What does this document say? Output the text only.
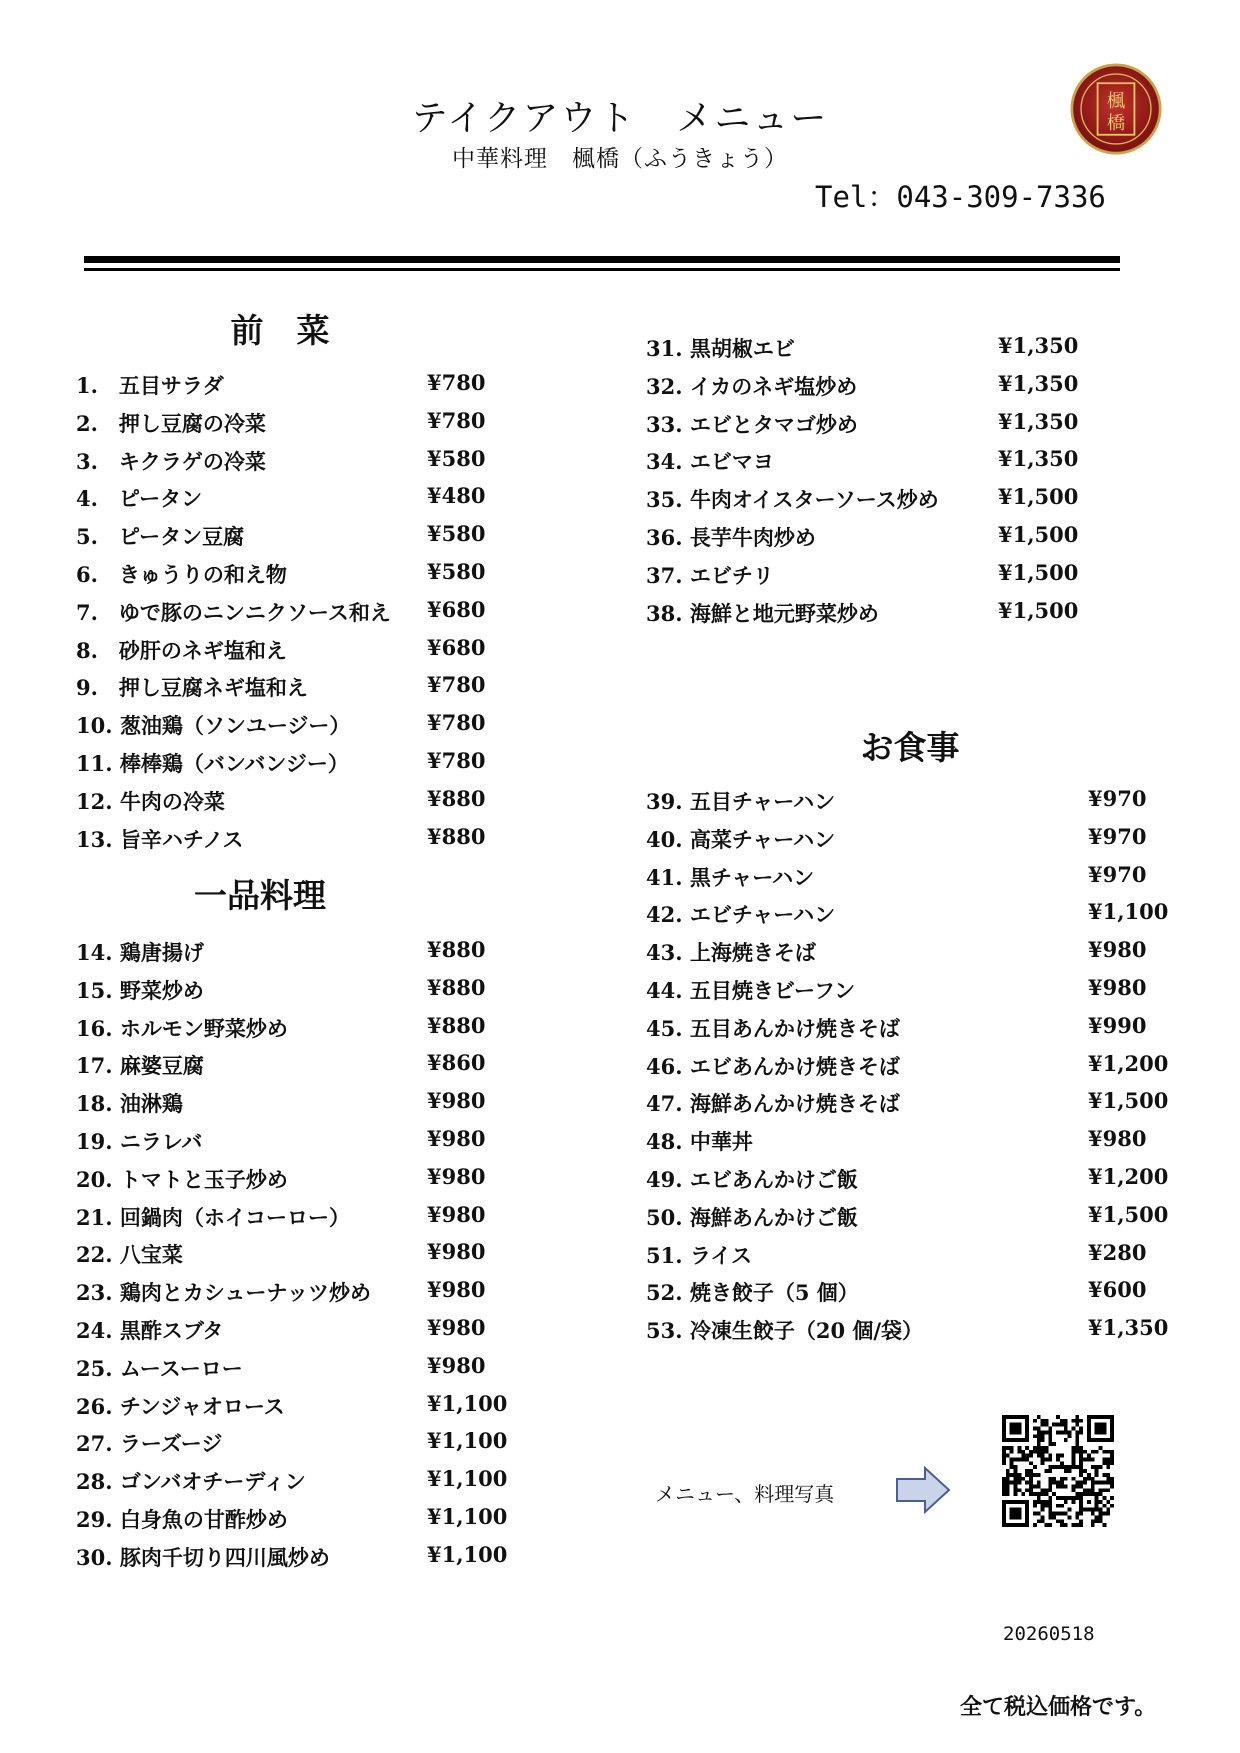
テイクアウト メニュー
中華料理　楓橋（ふうきょう）
Tel：043-309-7336
楓
橋
前　菜
一品料理
お食事
1.　五目サラダ	¥780
2.　押し豆腐の冷菜	¥780
3.　キクラゲの冷菜	¥580
4.　ピータン	¥480
5.　ピータン豆腐	¥580
6.　きゅうりの和え物	¥580
7.　ゆで豚のニンニクソース和え ¥680
8.　砂肝のネギ塩和え	¥680
9.　押し豆腐ネギ塩和え	¥780
10. 葱油鶏（ソンユージー）	¥780
11. 棒棒鶏（バンバンジー）	¥780
12. 牛肉の冷菜	¥880
13. 旨辛ハチノス	¥880
14. 鶏唐揚げ	¥880
15. 野菜炒め	¥880
16. ホルモン野菜炒め	¥880
17. 麻婆豆腐	¥860
18. 油淋鶏	¥980
19. ニラレバ	¥980
20. トマトと玉子炒め	¥980
21. 回鍋肉（ホイコーロー）	¥980
22. 八宝菜	¥980
23. 鶏肉とカシューナッツ炒め	¥980
24. 黒酢スブタ	¥980
25. ムースーロー	¥980
26. チンジャオロース	¥1,100
27. ラーズージ	¥1,100
28. ゴンバオチーディン	¥1,100
29. 白身魚の甘酢炒め	¥1,100
30. 豚肉千切り四川風炒め	¥1,100
31. 黒胡椒エビ	¥1,350
32. イカのネギ塩炒め	¥1,350
33. エビとタマゴ炒め	¥1,350
34. エビマヨ	¥1,350
35. 牛肉オイスターソース炒め	¥1,500
36. 長芋牛肉炒め	¥1,500
37. エビチリ	¥1,500
38. 海鮮と地元野菜炒め	¥1,500
39. 五目チャーハン	¥970
40. 高菜チャーハン	¥970
41. 黒チャーハン	¥970
42. エビチャーハン	¥1,100
43. 上海焼きそば	¥980
44. 五目焼きビーフン	¥980
45. 五目あんかけ焼きそば	¥990
46. エビあんかけ焼きそば	¥1,200
47. 海鮮あんかけ焼きそば	¥1,500
48. 中華丼	¥980
49. エビあんかけご飯	¥1,200
50. 海鮮あんかけご飯	¥1,500
51. ライス	¥280
52. 焼き餃子（5 個）	¥600
53. 冷凍生餃子（20 個/袋）	¥1,350
メニュー、料理写真
20260518
全て税込価格です。
